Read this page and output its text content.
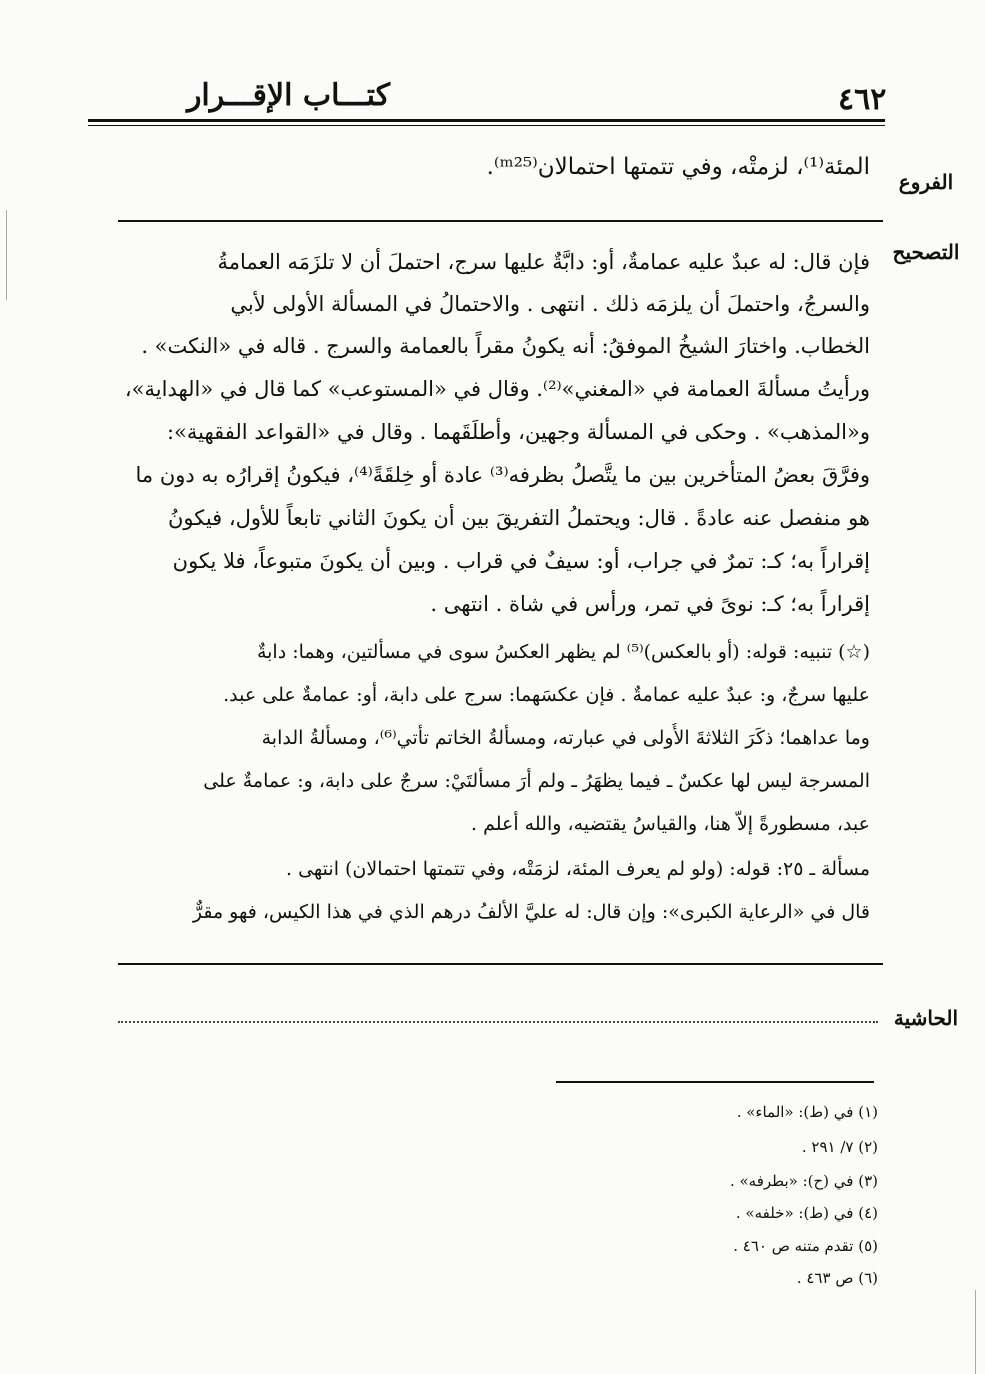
٤٦٢
كتـــاب الإقـــرار
الفروع
المئة⁽¹⁾، لزمتْه، وفي تتمتها احتمالان⁽ᵐ²⁵⁾.
التصحيح
فإن قال: له عبدٌ عليه عمامةٌ، أو: دابَّةٌ عليها سرج، احتملَ أن لا تلزَمَه العمامةُ
والسرجُ، واحتملَ أن يلزمَه ذلك . انتهى . والاحتمالُ في المسألة الأولى لأبي
الخطاب. واختارَ الشيخُ الموفقُ: أنه يكونُ مقراً بالعمامة والسرج . قاله في «النكت» .
ورأيتُ مسألةَ العمامة في «المغني»⁽²⁾. وقال في «المستوعب» كما قال في «الهداية»،
و«المذهب» . وحكى في المسألة وجهين، وأطلَقَهما . وقال في «القواعد الفقهية»:
وفرَّقَ بعضُ المتأخرين بين ما يتَّصلُ بظرفه⁽³⁾ عادة أو خِلقَةً⁽⁴⁾، فيكونُ إقرارُه به دون ما
هو منفصل عنه عادةً . قال: ويحتملُ التفريقَ بين أن يكونَ الثاني تابعاً للأول، فيكونُ
إقراراً به؛ كـ: تمرٌ في جراب، أو: سيفٌ في قراب . وبين أن يكونَ متبوعاً، فلا يكون
إقراراً به؛ كـ: نوىً في تمر، ورأس في شاة . انتهى .
(☆) تنبيه: قوله: (أو بالعكس)⁽⁵⁾ لم يظهر العكسُ سوى في مسألتين، وهما: دابةٌ
عليها سرجٌ، و: عبدٌ عليه عمامةٌ . فإن عكسَهما: سرج على دابة، أو: عمامةٌ على عبد.
وما عداهما؛ ذكَرَ الثلاثةَ الأُولى في عبارته، ومسألةُ الخاتم تأتي⁽⁶⁾، ومسألةُ الدابة
المسرجة ليس لها عكسٌ ـ فيما يظهَرُ ـ ولم أرَ مسألتَيْ: سرجٌ على دابة، و: عمامةٌ على
عبد، مسطورةً إلاّ هنا، والقياسُ يقتضيه، والله أعلم .
مسألة ـ ٢٥: قوله: (ولو لم يعرف المئة، لزمَتْه، وفي تتمتها احتمالان) انتهى .
قال في «الرعاية الكبرى»: وإن قال: له عليَّ الألفُ درهم الذي في هذا الكيس، فهو مقرٌّ
الحاشية
(١) في (ط): «الماء» .
(٢) ٧/ ٢٩١ .
(٣) في (ح): «بطرفه» .
(٤) في (ط): «خلفه» .
(٥) تقدم متنه ص ٤٦٠ .
(٦) ص ٤٦٣ .
